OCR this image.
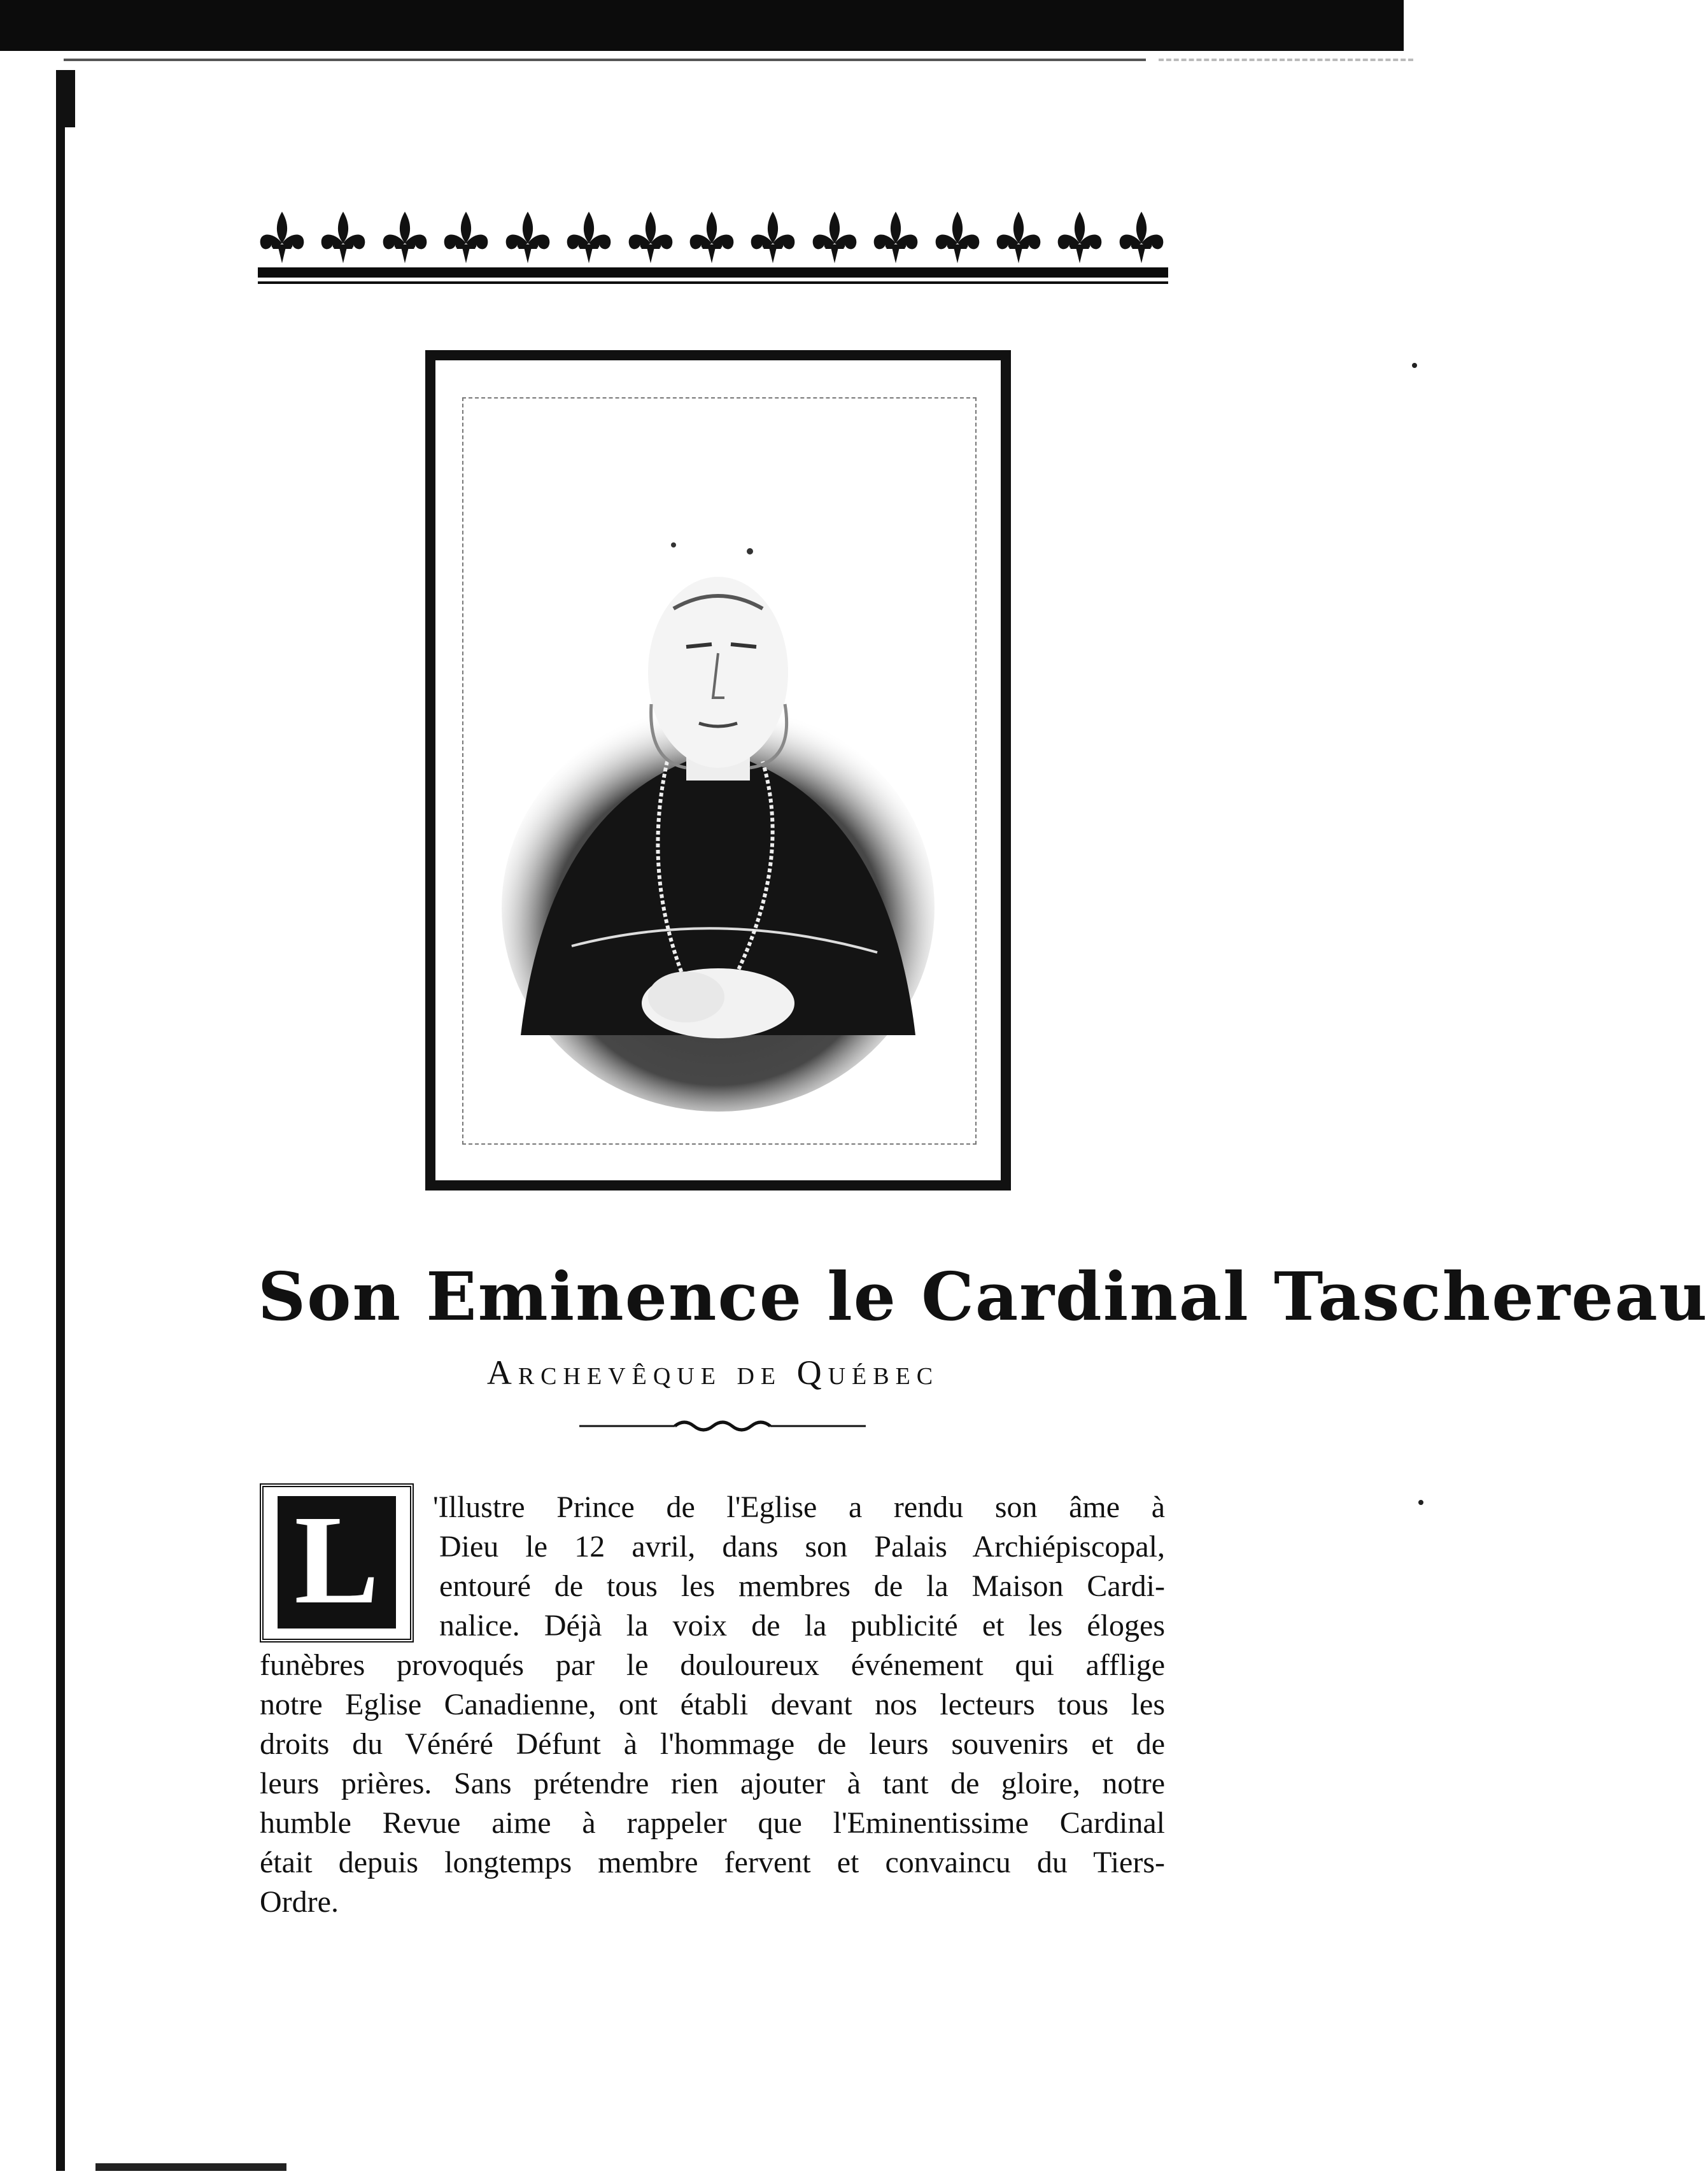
Son Eminence le Cardinal Taschereau
Archevêque de Québec
L	'Illustre Prince de l'Eglise a rendu son âme à
Dieu le 12 avril, dans son Palais Archiépiscopal,
entouré de tous les membres de la Maison Cardi-
nalice. Déjà la voix de la publicité et les éloges
funèbres provoqués par le douloureux événement qui afflige
notre Eglise Canadienne, ont établi devant nos lecteurs tous les
droits du Vénéré Défunt à l'hommage de leurs souvenirs et de
leurs prières. Sans prétendre rien ajouter à tant de gloire, notre
humble Revue aime à rappeler que l'Eminentissime Cardinal
était depuis longtemps membre fervent et convaincu du Tiers-
Ordre.
